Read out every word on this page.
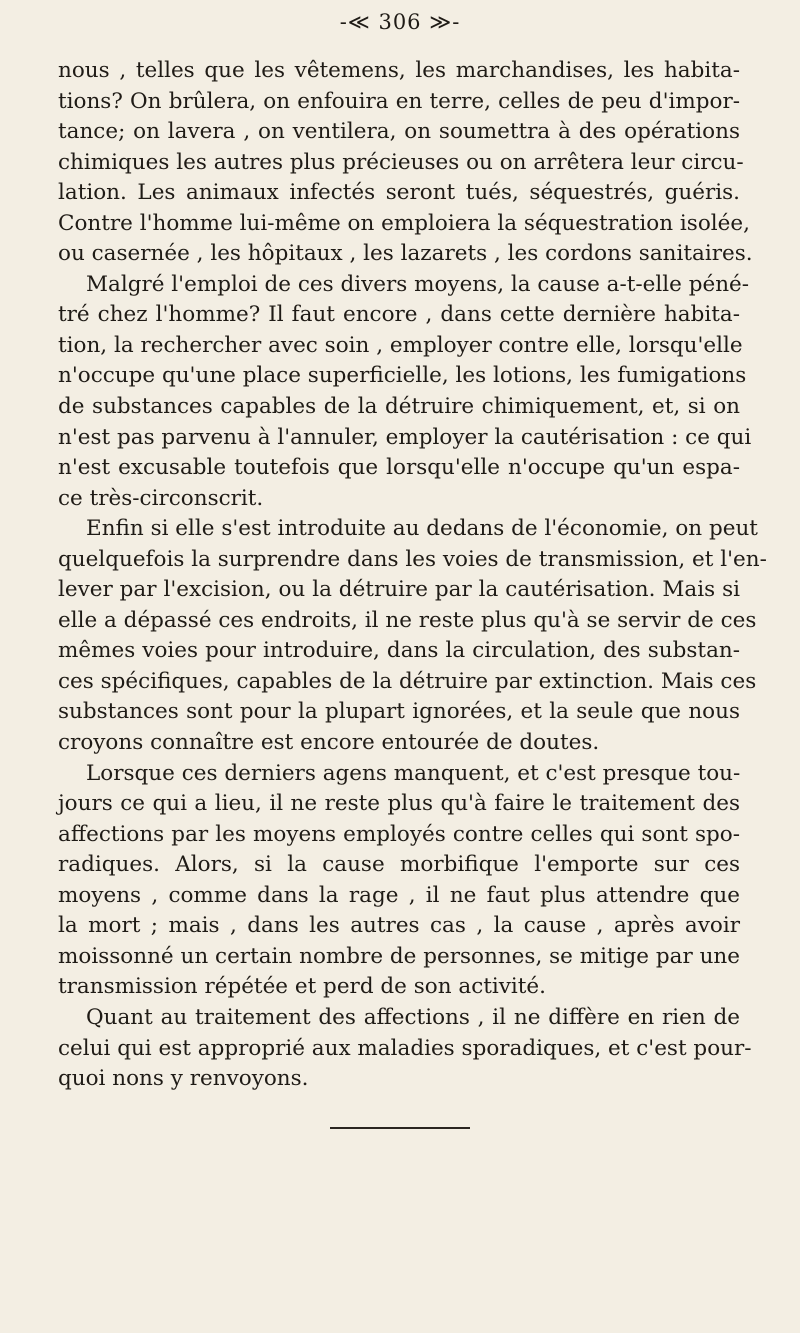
-≪ 306 ≫-
nous , telles que les vêtemens, les marchandises, les habita-
tions? On brûlera, on enfouira en terre, celles de peu d'impor-
tance; on lavera , on ventilera, on soumettra à des opérations
chimiques les autres plus précieuses ou on arrêtera leur circu-
lation. Les animaux infectés seront tués, séquestrés, guéris.
Contre l'homme lui-même on emploiera la séquestration isolée,
ou casernée , les hôpitaux , les lazarets , les cordons sanitaires.
Malgré l'emploi de ces divers moyens, la cause a-t-elle péné-
tré chez l'homme? Il faut encore , dans cette dernière habita-
tion, la rechercher avec soin , employer contre elle, lorsqu'elle
n'occupe qu'une place superficielle, les lotions, les fumigations
de substances capables de la détruire chimiquement, et, si on
n'est pas parvenu à l'annuler, employer la cautérisation : ce qui
n'est excusable toutefois que lorsqu'elle n'occupe qu'un espa-
ce très-circonscrit.
Enfin si elle s'est introduite au dedans de l'économie, on peut
quelquefois la surprendre dans les voies de transmission, et l'en-
lever par l'excision, ou la détruire par la cautérisation. Mais si
elle a dépassé ces endroits, il ne reste plus qu'à se servir de ces
mêmes voies pour introduire, dans la circulation, des substan-
ces spécifiques, capables de la détruire par extinction. Mais ces
substances sont pour la plupart ignorées, et la seule que nous
croyons connaître est encore entourée de doutes.
Lorsque ces derniers agens manquent, et c'est presque tou-
jours ce qui a lieu, il ne reste plus qu'à faire le traitement des
affections par les moyens employés contre celles qui sont spo-
radiques. Alors, si la cause morbifique l'emporte sur ces
moyens , comme dans la rage , il ne faut plus attendre que
la mort ; mais , dans les autres cas , la cause , après avoir
moissonné un certain nombre de personnes, se mitige par une
transmission répétée et perd de son activité.
Quant au traitement des affections , il ne diffère en rien de
celui qui est approprié aux maladies sporadiques, et c'est pour-
quoi nons y renvoyons.
